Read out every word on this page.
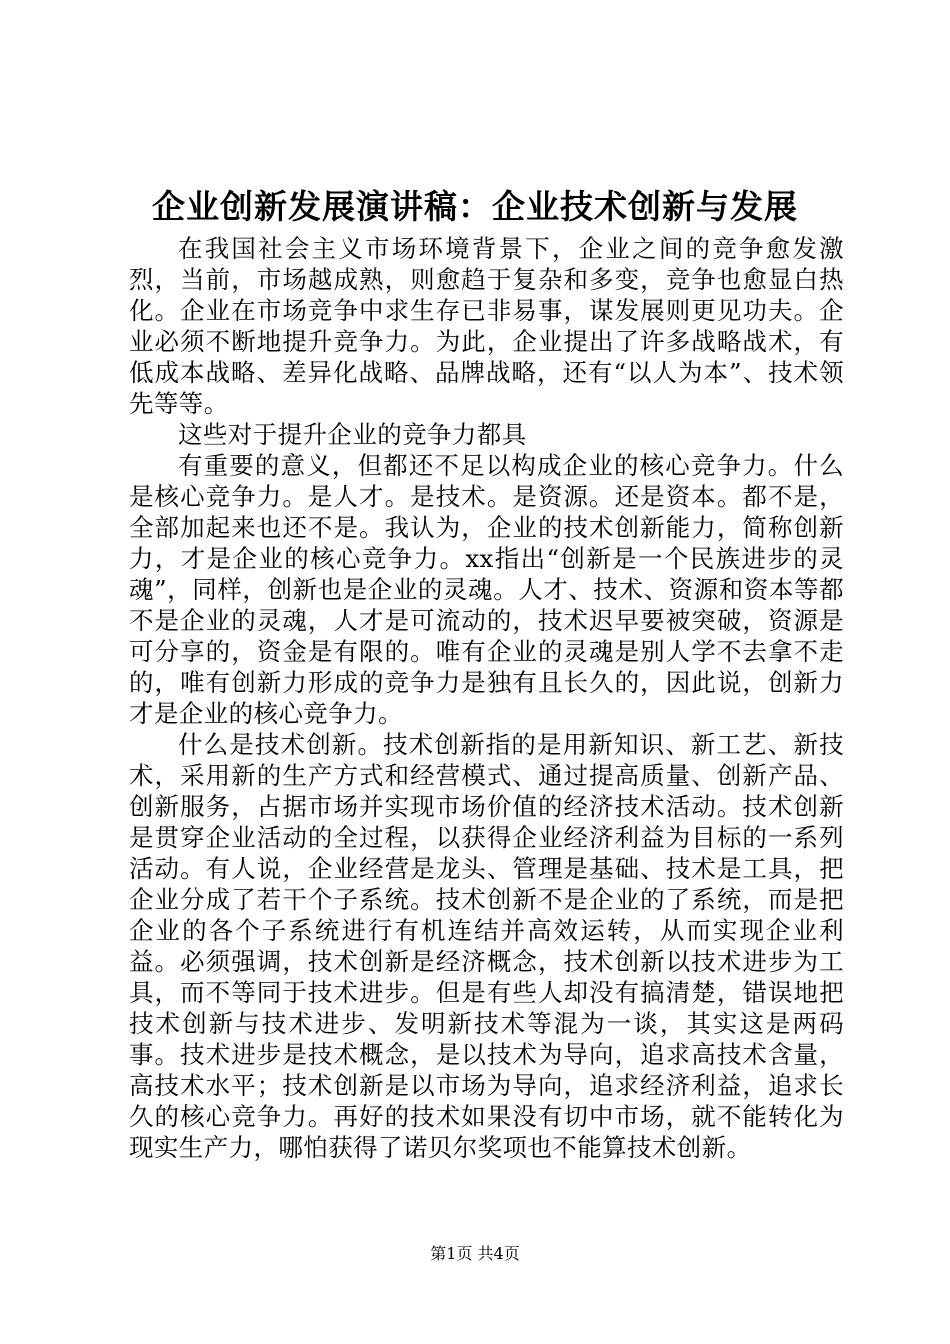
企业创新发展演讲稿：企业技术创新与发展

在我国社会主义市场环境背景下，企业之间的竞争愈发激烈，当前，市场越成熟，则愈趋于复杂和多变，竞争也愈显白热化。企业在市场竞争中求生存已非易事，谋发展则更见功夫。企业必须不断地提升竞争力。为此，企业提出了许多战略战术，有低成本战略、差异化战略、品牌战略，还有“以人为本”、技术领先等等。

这些对于提升企业的竞争力都具

有重要的意义，但都还不足以构成企业的核心竞争力。什么是核心竞争力。是人才。是技术。是资源。还是资本。都不是，全部加起来也还不是。我认为，企业的技术创新能力，简称创新力，才是企业的核心竞争力。xx指出“创新是一个民族进步的灵魂”，同样，创新也是企业的灵魂。人才、技术、资源和资本等都不是企业的灵魂，人才是可流动的，技术迟早要被突破，资源是可分享的，资金是有限的。唯有企业的灵魂是别人学不去拿不走的，唯有创新力形成的竞争力是独有且长久的，因此说，创新力才是企业的核心竞争力。

什么是技术创新。技术创新指的是用新知识、新工艺、新技术，采用新的生产方式和经营模式、通过提高质量、创新产品、创新服务，占据市场并实现市场价值的经济技术活动。技术创新是贯穿企业活动的全过程，以获得企业经济利益为目标的一系列活动。有人说，企业经营是龙头、管理是基础、技术是工具，把企业分成了若干个子系统。技术创新不是企业的了系统，而是把企业的各个子系统进行有机连结并高效运转，从而实现企业利益。必须强调，技术创新是经济概念，技术创新以技术进步为工具，而不等同于技术进步。但是有些人却没有搞清楚，错误地把技术创新与技术进步、发明新技术等混为一谈，其实这是两码事。技术进步是技术概念，是以技术为导向，追求高技术含量，高技术水平；技术创新是以市场为导向，追求经济利益，追求长久的核心竞争力。再好的技术如果没有切中市场，就不能转化为现实生产力，哪怕获得了诺贝尔奖项也不能算技术创新。

第1页 共4页
